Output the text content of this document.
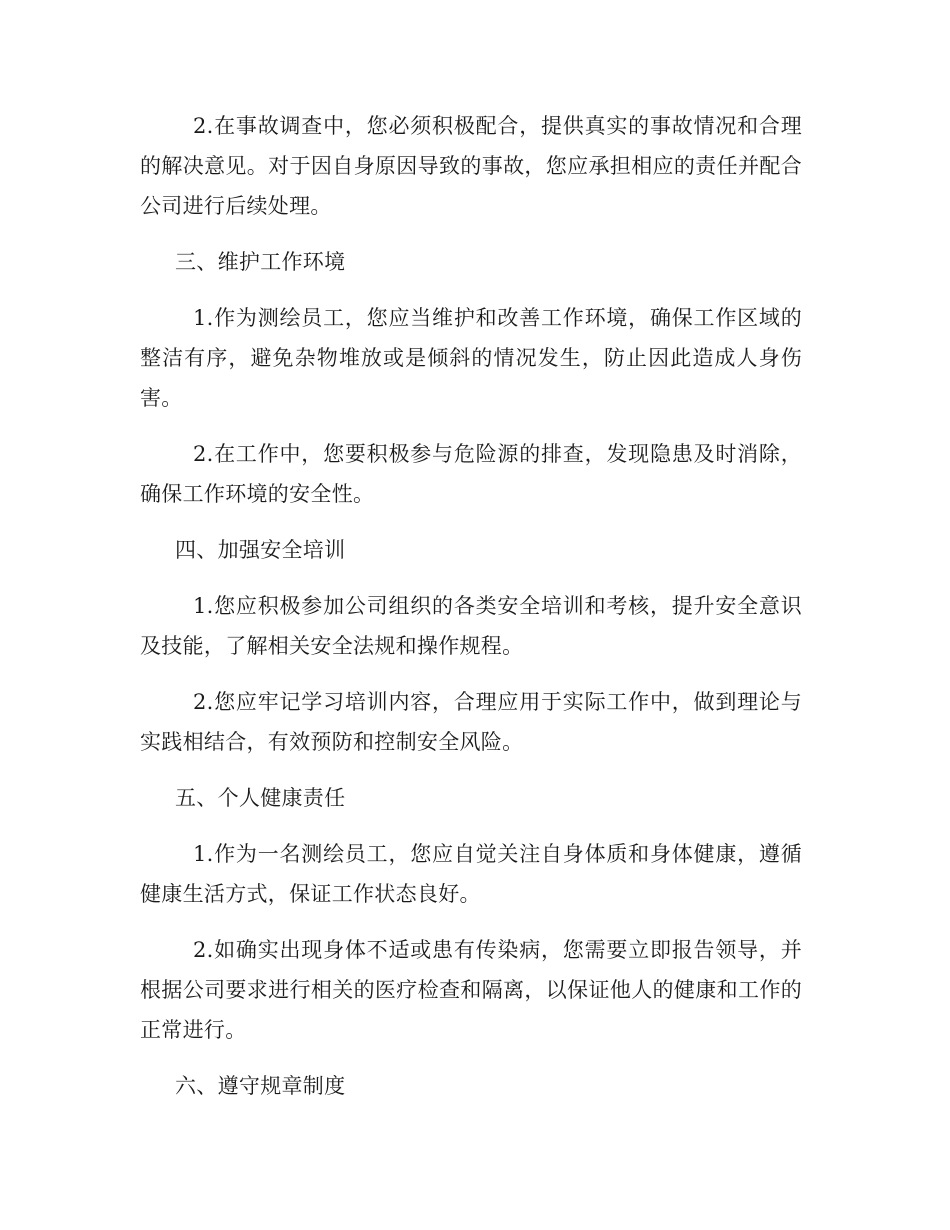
2.在事故调查中，您必须积极配合，提供真实的事故情况和合理的解决意见。对于因自身原因导致的事故，您应承担相应的责任并配合公司进行后续处理。

三、维护工作环境

1.作为测绘员工，您应当维护和改善工作环境，确保工作区域的整洁有序，避免杂物堆放或是倾斜的情况发生，防止因此造成人身伤害。

2.在工作中，您要积极参与危险源的排查，发现隐患及时消除，确保工作环境的安全性。

四、加强安全培训

1.您应积极参加公司组织的各类安全培训和考核，提升安全意识及技能，了解相关安全法规和操作规程。

2.您应牢记学习培训内容，合理应用于实际工作中，做到理论与实践相结合，有效预防和控制安全风险。

五、个人健康责任

1.作为一名测绘员工，您应自觉关注自身体质和身体健康，遵循健康生活方式，保证工作状态良好。

2.如确实出现身体不适或患有传染病，您需要立即报告领导，并根据公司要求进行相关的医疗检查和隔离，以保证他人的健康和工作的正常进行。

六、遵守规章制度
